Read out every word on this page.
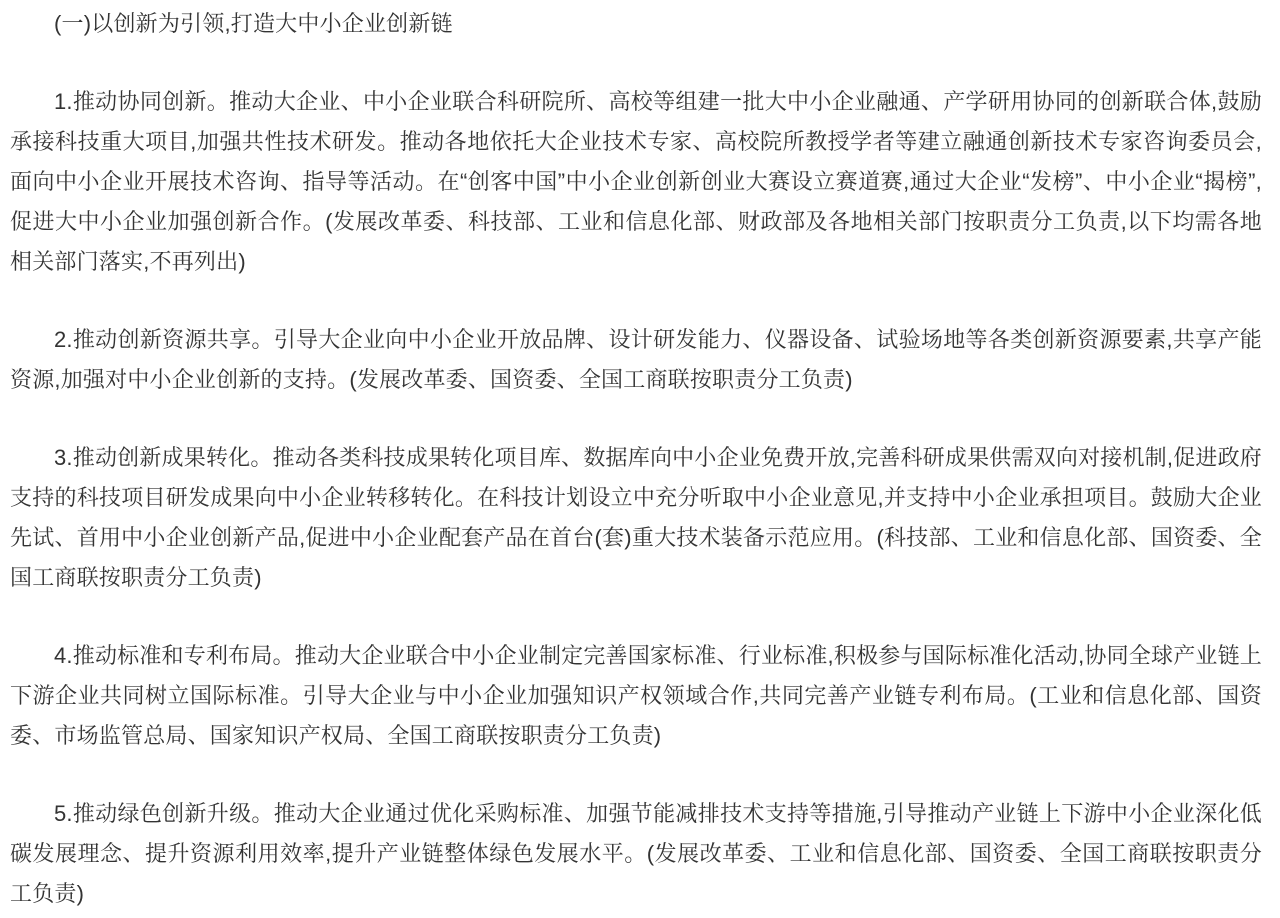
(一)以创新为引领,打造大中小企业创新链

1.推动协同创新。推动大企业、中小企业联合科研院所、高校等组建一批大中小企业融通、产学研用协同的创新联合体,鼓励承接科技重大项目,加强共性技术研发。推动各地依托大企业技术专家、高校院所教授学者等建立融通创新技术专家咨询委员会,面向中小企业开展技术咨询、指导等活动。在“创客中国”中小企业创新创业大赛设立赛道赛,通过大企业“发榜”、中小企业“揭榜”,促进大中小企业加强创新合作。(发展改革委、科技部、工业和信息化部、财政部及各地相关部门按职责分工负责,以下均需各地相关部门落实,不再列出)

2.推动创新资源共享。引导大企业向中小企业开放品牌、设计研发能力、仪器设备、试验场地等各类创新资源要素,共享产能资源,加强对中小企业创新的支持。(发展改革委、国资委、全国工商联按职责分工负责)

3.推动创新成果转化。推动各类科技成果转化项目库、数据库向中小企业免费开放,完善科研成果供需双向对接机制,促进政府支持的科技项目研发成果向中小企业转移转化。在科技计划设立中充分听取中小企业意见,并支持中小企业承担项目。鼓励大企业先试、首用中小企业创新产品,促进中小企业配套产品在首台(套)重大技术装备示范应用。(科技部、工业和信息化部、国资委、全国工商联按职责分工负责)

4.推动标准和专利布局。推动大企业联合中小企业制定完善国家标准、行业标准,积极参与国际标准化活动,协同全球产业链上下游企业共同树立国际标准。引导大企业与中小企业加强知识产权领域合作,共同完善产业链专利布局。(工业和信息化部、国资委、市场监管总局、国家知识产权局、全国工商联按职责分工负责)

5.推动绿色创新升级。推动大企业通过优化采购标准、加强节能减排技术支持等措施,引导推动产业链上下游中小企业深化低碳发展理念、提升资源利用效率,提升产业链整体绿色发展水平。(发展改革委、工业和信息化部、国资委、全国工商联按职责分工负责)
